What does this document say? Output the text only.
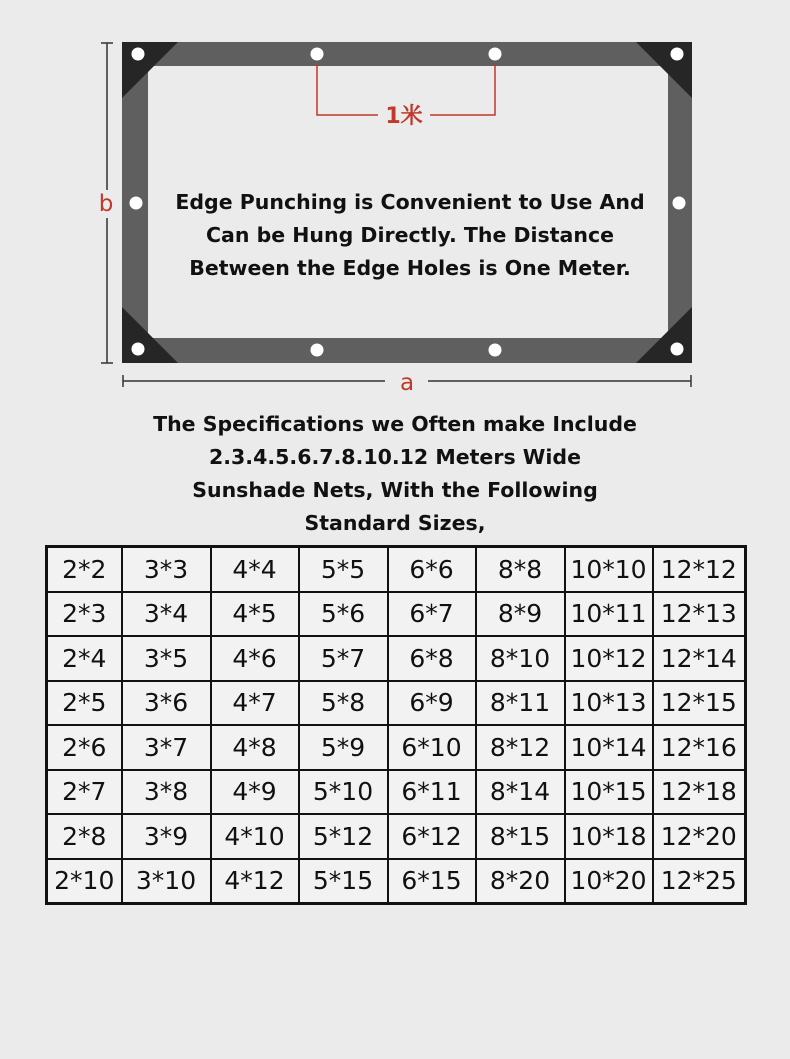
1米
b
a
Edge Punching is Convenient to Use And
Can be Hung Directly. The Distance
Between the Edge Holes is One Meter.
The Specifications we Often make Include
2.3.4.5.6.7.8.10.12 Meters Wide
Sunshade Nets, With the Following
Standard Sizes,
2*2	3*3	4*4	5*5	6*6	8*8	10*10	12*12
2*3	3*4	4*5	5*6	6*7	8*9	10*11	12*13
2*4	3*5	4*6	5*7	6*8	8*10	10*12	12*14
2*5	3*6	4*7	5*8	6*9	8*11	10*13	12*15
2*6	3*7	4*8	5*9	6*10	8*12	10*14	12*16
2*7	3*8	4*9	5*10	6*11	8*14	10*15	12*18
2*8	3*9	4*10	5*12	6*12	8*15	10*18	12*20
2*10	3*10	4*12	5*15	6*15	8*20	10*20	12*25
